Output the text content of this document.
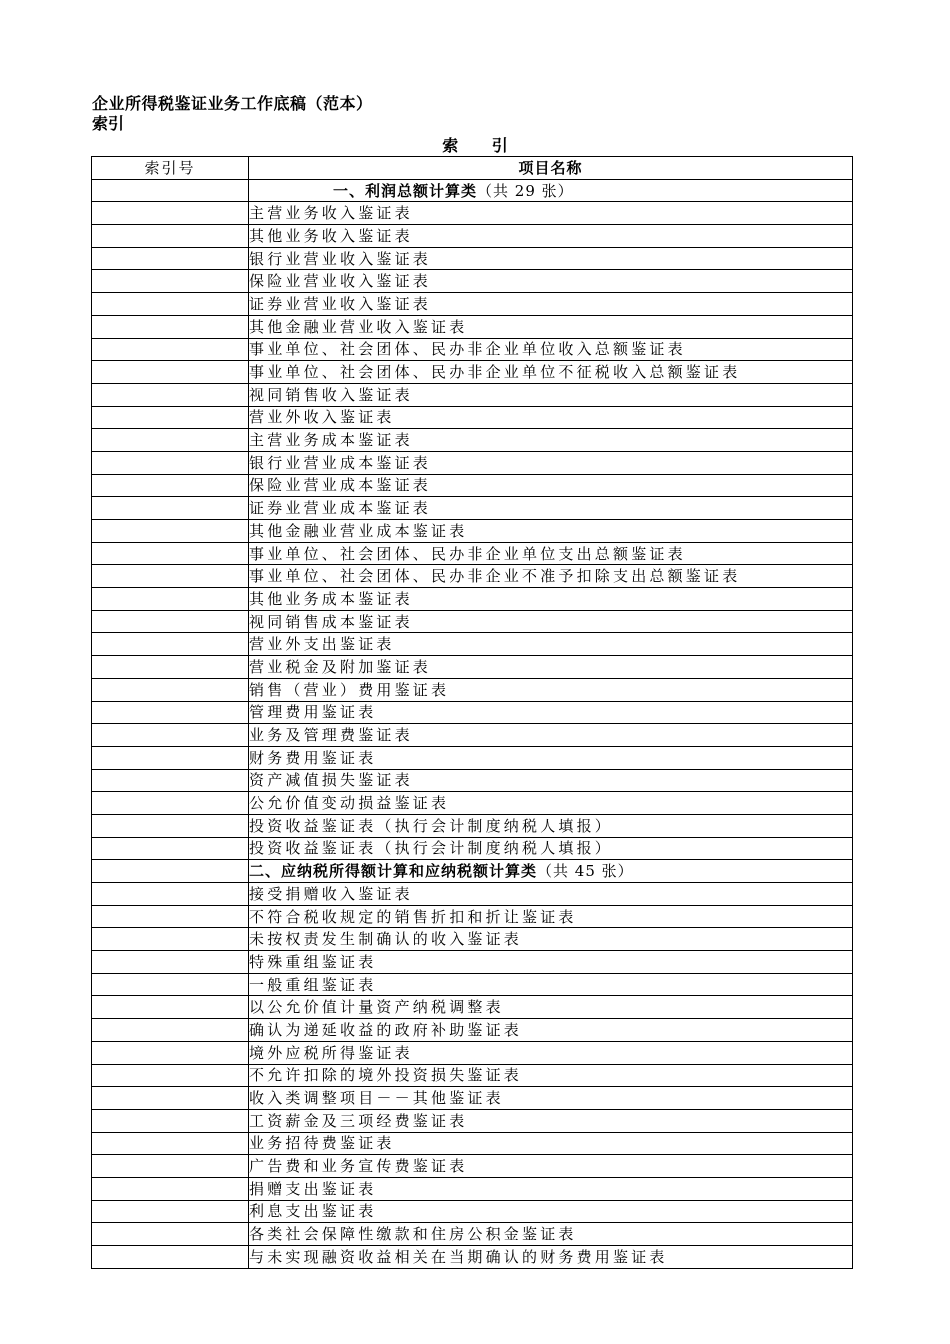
企业所得税鉴证业务工作底稿（范本）
索引
索 引
索引号	项目名称
	一、利润总额计算类（共 29 张）
	主营业务收入鉴证表
	其他业务收入鉴证表
	银行业营业收入鉴证表
	保险业营业收入鉴证表
	证券业营业收入鉴证表
	其他金融业营业收入鉴证表
	事业单位、社会团体、民办非企业单位收入总额鉴证表
	事业单位、社会团体、民办非企业单位不征税收入总额鉴证表
	视同销售收入鉴证表
	营业外收入鉴证表
	主营业务成本鉴证表
	银行业营业成本鉴证表
	保险业营业成本鉴证表
	证券业营业成本鉴证表
	其他金融业营业成本鉴证表
	事业单位、社会团体、民办非企业单位支出总额鉴证表
	事业单位、社会团体、民办非企业不准予扣除支出总额鉴证表
	其他业务成本鉴证表
	视同销售成本鉴证表
	营业外支出鉴证表
	营业税金及附加鉴证表
	销售（营业）费用鉴证表
	管理费用鉴证表
	业务及管理费鉴证表
	财务费用鉴证表
	资产减值损失鉴证表
	公允价值变动损益鉴证表
	投资收益鉴证表（执行会计制度纳税人填报）
	投资收益鉴证表（执行会计制度纳税人填报）
	二、应纳税所得额计算和应纳税额计算类（共 45 张）
	接受捐赠收入鉴证表
	不符合税收规定的销售折扣和折让鉴证表
	未按权责发生制确认的收入鉴证表
	特殊重组鉴证表
	一般重组鉴证表
	以公允价值计量资产纳税调整表
	确认为递延收益的政府补助鉴证表
	境外应税所得鉴证表
	不允许扣除的境外投资损失鉴证表
	收入类调整项目－－其他鉴证表
	工资薪金及三项经费鉴证表
	业务招待费鉴证表
	广告费和业务宣传费鉴证表
	捐赠支出鉴证表
	利息支出鉴证表
	各类社会保障性缴款和住房公积金鉴证表
	与未实现融资收益相关在当期确认的财务费用鉴证表
